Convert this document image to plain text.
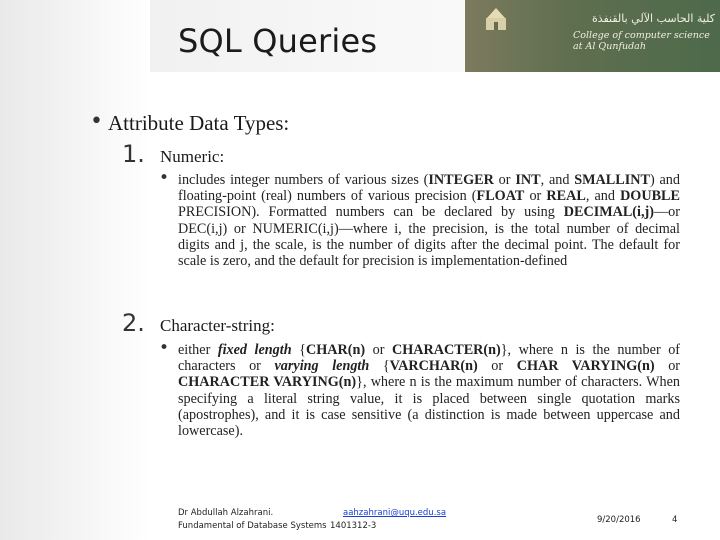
كلية الحاسب الآلي بالقنفذة
College of computer science
at Al Qunfudah
SQL Queries
• Attribute Data Types:
1. Numeric:
• includes integer numbers of various sizes (INTEGER or INT, and SMALLINT) and floating-point (real) numbers of various precision (FLOAT or REAL, and DOUBLE PRECISION). Formatted numbers can be declared by using DECIMAL(i,j)—or DEC(i,j) or NUMERIC(i,j)—where i, the precision, is the total number of decimal digits and j, the scale, is the number of digits after the decimal point. The default for scale is zero, and the default for precision is implementation-defined
2. Character-string:
• either fixed length {CHAR(n) or CHARACTER(n)}, where n is the number of characters or varying length {VARCHAR(n) or CHAR VARYING(n) or CHARACTER VARYING(n)}, where n is the maximum number of characters. When specifying a literal string value, it is placed between single quotation marks (apostrophes), and it is case sensitive (a distinction is made between uppercase and lowercase).
Dr Abdullah Alzahrani.	aahzahrani@uqu.edu.sa
Fundamental of Database Systems 1401312-3
9/20/2016	4
